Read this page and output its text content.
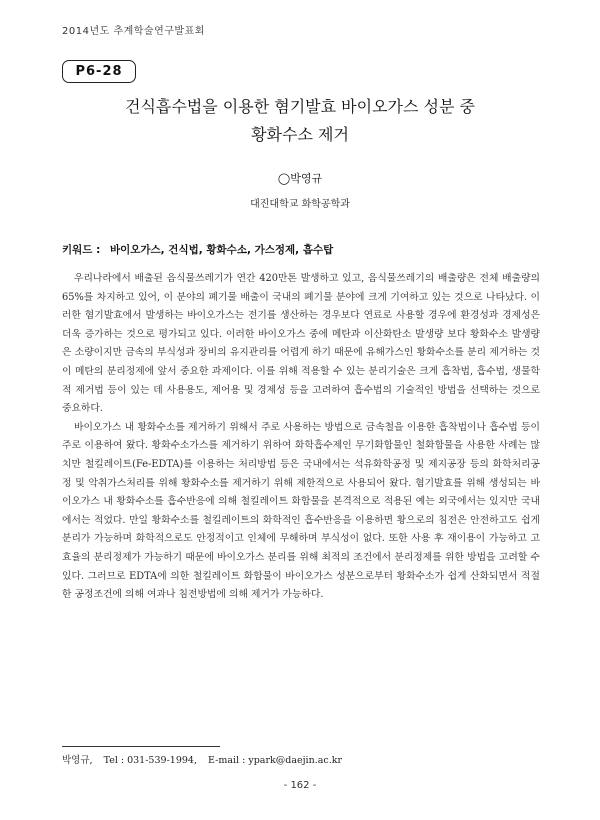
2014년도 추계학술연구발표회
P6-28
건식흡수법을 이용한 혐기발효 바이오가스 성분 중
황화수소 제거
◯박영규
대진대학교 화학공학과
키워드 : 바이오가스, 건식법, 황화수소, 가스정제, 흡수탑

우리나라에서 배출된 음식물쓰레기가 연간 420만톤 발생하고 있고, 음식물쓰레기의 배출량은 전체 배출량의 65%를 차지하고 있어, 이 분야의 폐기물 배출이 국내의 폐기물 분야에 크게 기여하고 있는 것으로 나타났다. 이러한 혐기발효에서 발생하는 바이오가스는 전기를 생산하는 경우보다 연료로 사용할 경우에 환경성과 경제성은 더욱 증가하는 것으로 평가되고 있다. 이러한 바이오가스 중에 메탄과 이산화탄소 발생량 보다 황화수소 발생량은 소량이지만 금속의 부식성과 장비의 유지관리를 어렵게 하기 때문에 유해가스인 황화수소를 분리 제거하는 것이 메탄의 분리정제에 앞서 중요한 과제이다. 이를 위해 적용할 수 있는 분리기술은 크게 흡착법, 흡수법, 생물학적 제거법 등이 있는 데 사용용도, 제어용 및 경제성 등을 고려하여 흡수법의 기술적인 방법을 선택하는 것으로 중요하다.

바이오가스 내 황화수소를 제거하기 위해서 주로 사용하는 방법으로 금속철을 이용한 흡착법이나 흡수법 등이 주로 이용하여 왔다. 황화수소가스를 제거하기 위하여 화학흡수제인 무기화합물인 철화합물을 사용한 사례는 많치만 철킬레이트(Fe-EDTA)를 이용하는 처리방법 등은 국내에서는 석유화학공정 및 제지공장 등의 화학처리공정 및 악취가스처리를 위해 황화수소를 제거하기 위해 제한적으로 사용되어 왔다. 혐기발효를 위해 생성되는 바이오가스 내 황화수소를 흡수반응에 의해 철킬레이트 화합물을 본격적으로 적용된 예는 외국에서는 있지만 국내에서는 적었다. 만일 황화수소를 철킬레이트의 화학적인 흡수반응을 이용하면 황으로의 침전은 안전하고도 쉽게 분리가 가능하며 화학적으로도 안정적이고 인체에 무해하며 부식성이 없다. 또한 사용 후 재이용이 가능하고 고효율의 분리정제가 가능하기 때문에 바이오가스 분리를 위해 최적의 조건에서 분리정제를 위한 방법을 고려할 수 있다. 그러므로 EDTA에 의한 철킬레이트 화합물이 바이오가스 성분으로부터 황화수소가 쉽게 산화되면서 적절한 공정조건에 의해 여과나 침전방법에 의해 제거가 가능하다.

박영규, Tel : 031-539-1994, E-mail : ypark@daejin.ac.kr
- 162 -
